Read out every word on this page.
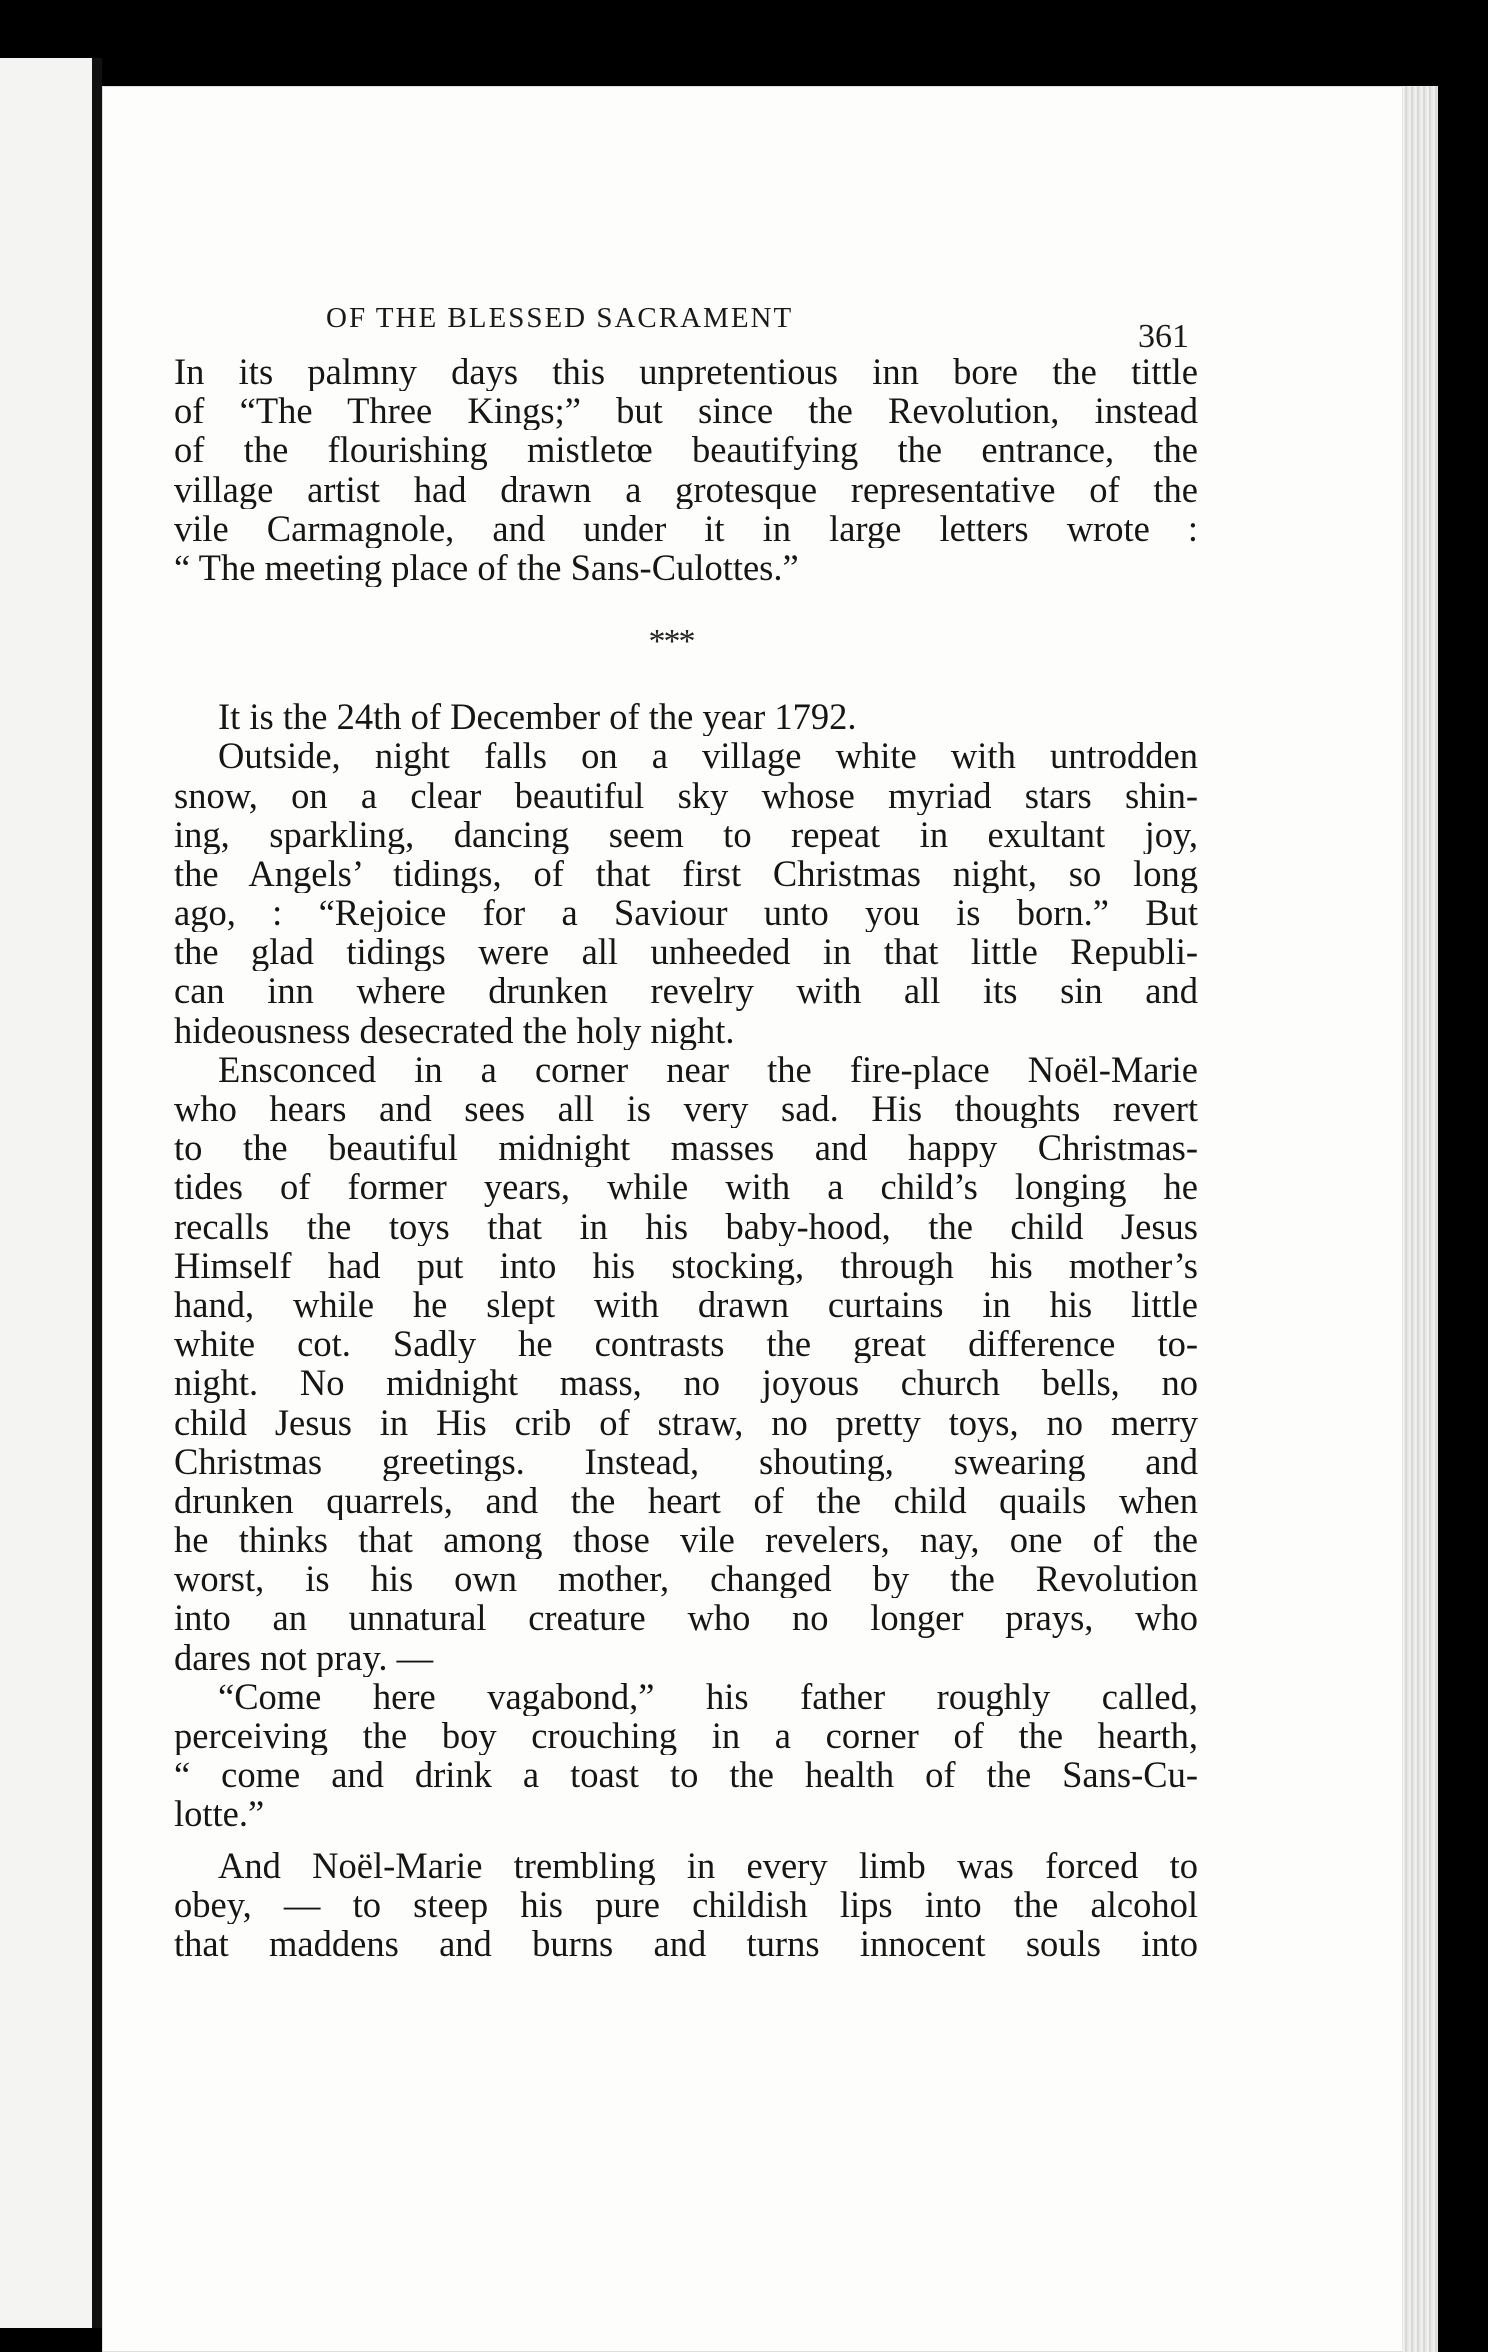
OF THE BLESSED SACRAMENT	361
In its palmny days this unpretentious inn bore the tittle
of “The Three Kings;” but since the Revolution, instead
of the flourishing mistletœ beautifying the entrance, the
village artist had drawn a grotesque representative of the
vile Carmagnole, and under it in large letters wrote :
“ The meeting place of the Sans-Culottes.”
***
It is the 24th of December of the year 1792.
Outside, night falls on a village white with untrodden
snow, on a clear beautiful sky whose myriad stars shin-
ing, sparkling, dancing seem to repeat in exultant joy,
the Angels’ tidings, of that first Christmas night, so long
ago, : “Rejoice for a Saviour unto you is born.” But
the glad tidings were all unheeded in that little Republi-
can inn where drunken revelry with all its sin and
hideousness desecrated the holy night.
Ensconced in a corner near the fire-place Noël-Marie
who hears and sees all is very sad. His thoughts revert
to the beautiful midnight masses and happy Christmas-
tides of former years, while with a child’s longing he
recalls the toys that in his baby-hood, the child Jesus
Himself had put into his stocking, through his mother’s
hand, while he slept with drawn curtains in his little
white cot. Sadly he contrasts the great difference to-
night. No midnight mass, no joyous church bells, no
child Jesus in His crib of straw, no pretty toys, no merry
Christmas greetings. Instead, shouting, swearing and
drunken quarrels, and the heart of the child quails when
he thinks that among those vile revelers, nay, one of the
worst, is his own mother, changed by the Revolution
into an unnatural creature who no longer prays, who
dares not pray. —
“Come here vagabond,” his father roughly called,
perceiving the boy crouching in a corner of the hearth,
“ come and drink a toast to the health of the Sans-Cu-
lotte.”
And Noël-Marie trembling in every limb was forced to
obey, — to steep his pure childish lips into the alcohol
that maddens and burns and turns innocent souls into
